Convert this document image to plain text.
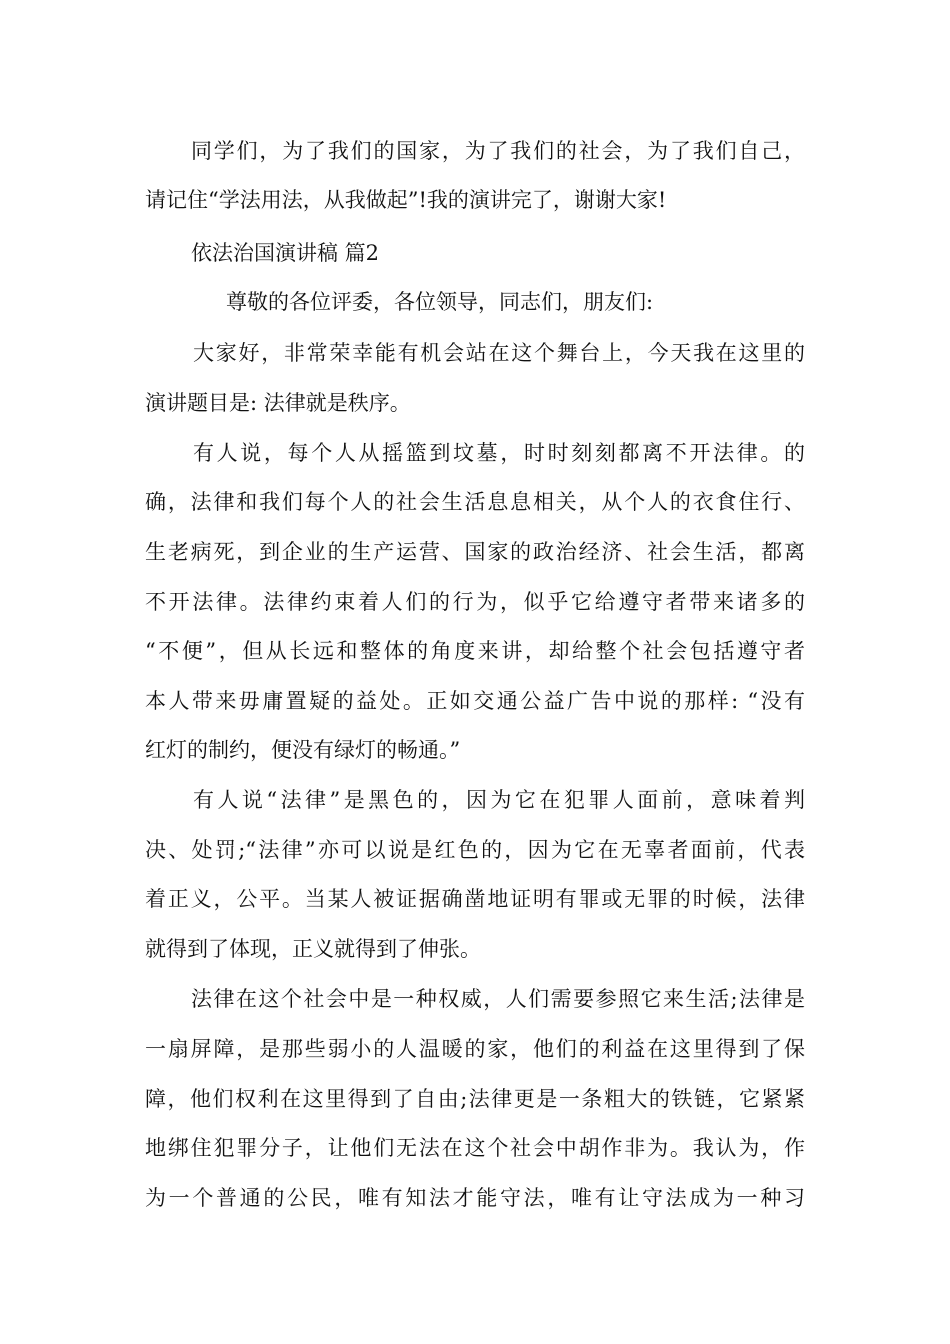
同学们，为了我们的国家，为了我们的社会，为了我们自己，
请记住“学法用法，从我做起”!我的演讲完了，谢谢大家!
依法治国演讲稿 篇2
尊敬的各位评委，各位领导，同志们，朋友们:
大家好，非常荣幸能有机会站在这个舞台上，今天我在这里的
演讲题目是: 法律就是秩序。
有人说，每个人从摇篮到坟墓，时时刻刻都离不开法律。的
确，法律和我们每个人的社会生活息息相关，从个人的衣食住行、
生老病死，到企业的生产运营、国家的政治经济、社会生活，都离
不开法律。法律约束着人们的行为，似乎它给遵守者带来诸多的
“不便”，但从长远和整体的角度来讲，却给整个社会包括遵守者
本人带来毋庸置疑的益处。正如交通公益广告中说的那样: “没有
红灯的制约，便没有绿灯的畅通。”
有人说“法律”是黑色的，因为它在犯罪人面前，意味着判
决、处罚;“法律”亦可以说是红色的，因为它在无辜者面前，代表
着正义，公平。当某人被证据确凿地证明有罪或无罪的时候，法律
就得到了体现，正义就得到了伸张。
法律在这个社会中是一种权威，人们需要参照它来生活;法律是
一扇屏障，是那些弱小的人温暖的家，他们的利益在这里得到了保
障，他们权利在这里得到了自由;法律更是一条粗大的铁链，它紧紧
地绑住犯罪分子，让他们无法在这个社会中胡作非为。我认为，作
为一个普通的公民，唯有知法才能守法，唯有让守法成为一种习
